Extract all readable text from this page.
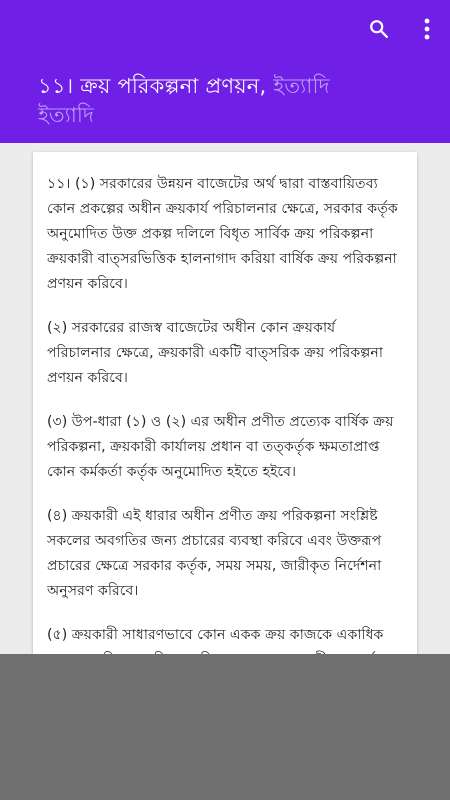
১১। ক্রয় পরিকল্পনা প্রণয়ন, ইত্যাদি
ইত্যাদি

১১। (১) সরকারের উন্নয়ন বাজেটের অর্থ দ্বারা বাস্তবায়িতব্য কোন প্রকল্পের অধীন ক্রয়কার্য পরিচালনার ক্ষেত্রে, সরকার কর্তৃক অনুমোদিত উক্ত প্রকল্প দলিলে বিধৃত সার্বিক ক্রয় পরিকল্পনা ক্রয়কারী বাত্সরভিত্তিক হালনাগাদ করিয়া বার্ষিক ক্রয় পরিকল্পনা প্রণয়ন করিবে।

(২) সরকারের রাজস্ব বাজেটের অধীন কোন ক্রয়কার্য পরিচালনার ক্ষেত্রে, ক্রয়কারী একটি বাত্সরিক ক্রয় পরিকল্পনা প্রণয়ন করিবে।

(৩) উপ-ধারা (১) ও (২) এর অধীন প্রণীত প্রত্যেক বার্ষিক ক্রয় পরিকল্পনা, ক্রয়কারী কার্যালয় প্রধান বা তত্কর্তৃক ক্ষমতাপ্রাপ্ত কোন কর্মকর্তা কর্তৃক অনুমোদিত হইতে হইবে।

(৪) ক্রয়কারী এই ধারার অধীন প্রণীত ক্রয় পরিকল্পনা সংশ্লিষ্ট সকলের অবগতির জন্য প্রচারের ব্যবস্থা করিবে এবং উক্তরূপ প্রচারের ক্ষেত্রে সরকার কর্তৃক, সময় সময়, জারীকৃত নির্দেশনা অনুসরণ করিবে।

(৫) ক্রয়কারী সাধারণভাবে কোন একক ক্রয় কাজকে একাধিক
